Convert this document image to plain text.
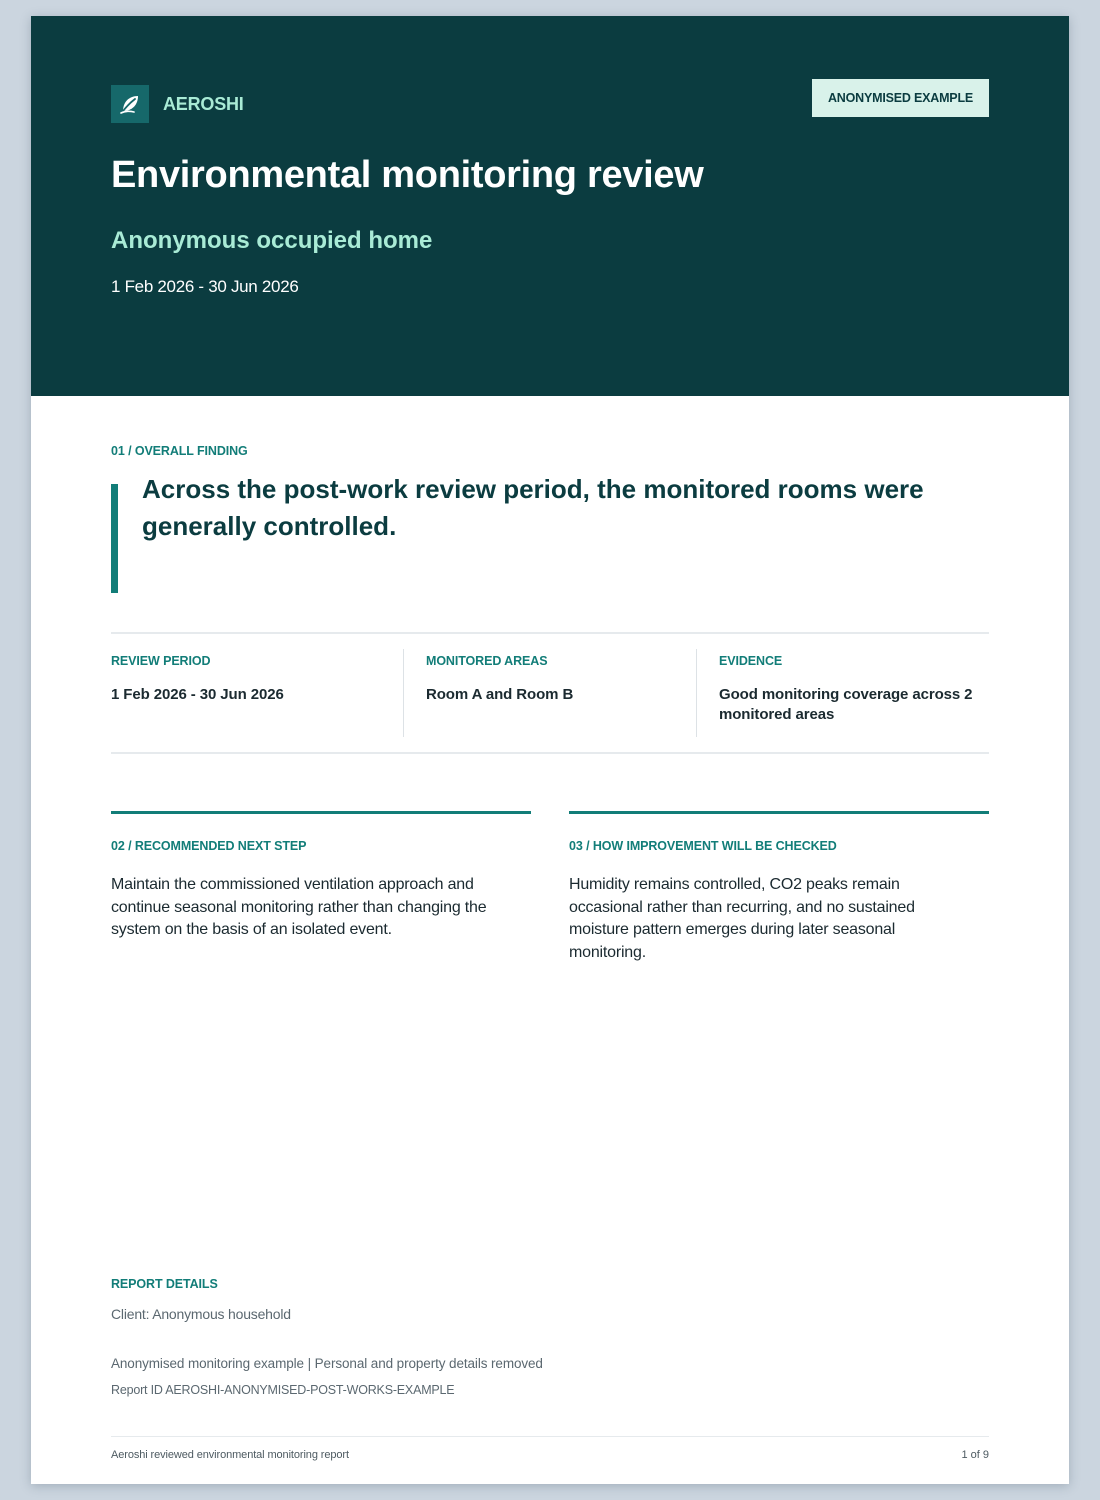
AEROSHI	ANONYMISED EXAMPLE
Environmental monitoring review
Anonymous occupied home
1 Feb 2026 - 30 Jun 2026
01 / OVERALL FINDING
Across the post-work review period, the monitored rooms were generally controlled.
REVIEW PERIOD
1 Feb 2026 - 30 Jun 2026
MONITORED AREAS
Room A and Room B
EVIDENCE
Good monitoring coverage across 2 monitored areas
02 / RECOMMENDED NEXT STEP
Maintain the commissioned ventilation approach and continue seasonal monitoring rather than changing the system on the basis of an isolated event.
03 / HOW IMPROVEMENT WILL BE CHECKED
Humidity remains controlled, CO2 peaks remain occasional rather than recurring, and no sustained moisture pattern emerges during later seasonal monitoring.
REPORT DETAILS
Client: Anonymous household
Anonymised monitoring example | Personal and property details removed
Report ID AEROSHI-ANONYMISED-POST-WORKS-EXAMPLE
Aeroshi reviewed environmental monitoring report	1 of 9
